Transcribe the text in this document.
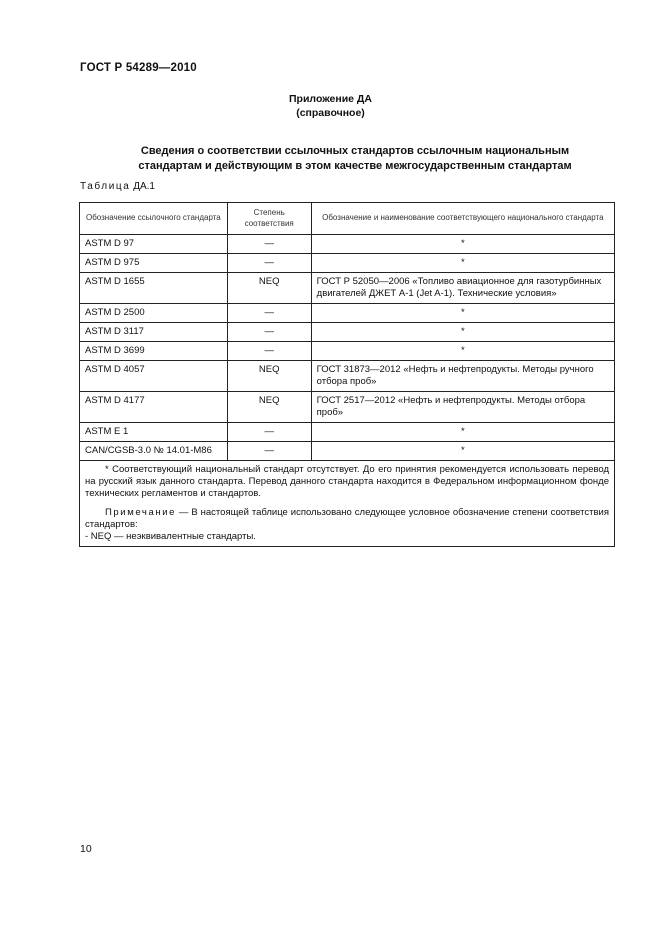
ГОСТ Р 54289—2010
Приложение ДА
(справочное)
Сведения о соответствии ссылочных стандартов ссылочным национальным
стандартам и действующим в этом качестве межгосударственным стандартам
Таблица ДА.1
Обозначение ссылочного стандарта	Степень соответствия	Обозначение и наименование соответствующего национального стандарта
ASTM D 97	—	*
ASTM D 975	—	*
ASTM D 1655	NEQ	ГОСТ Р 52050—2006 «Топливо авиационное для газотурбинных двигателей ДЖЕТ А-1 (Jet A-1). Технические условия»
ASTM D 2500	—	*
ASTM D 3117	—	*
ASTM D 3699	—	*
ASTM D 4057	NEQ	ГОСТ 31873—2012 «Нефть и нефтепродукты. Методы ручного отбора проб»
ASTM D 4177	NEQ	ГОСТ 2517—2012 «Нефть и нефтепродукты. Методы отбора проб»
ASTM E 1	—	*
CAN/CGSB-3.0 № 14.01-M86	—	*

* Соответствующий национальный стандарт отсутствует. До его принятия рекомендуется использовать перевод на русский язык данного стандарта. Перевод данного стандарта находится в Федеральном информационном фонде технических регламентов и стандартов.

Примечание — В настоящей таблице использовано следующее условное обозначение степени соответствия стандартов:

- NEQ — неэквивалентные стандарты.		

10
